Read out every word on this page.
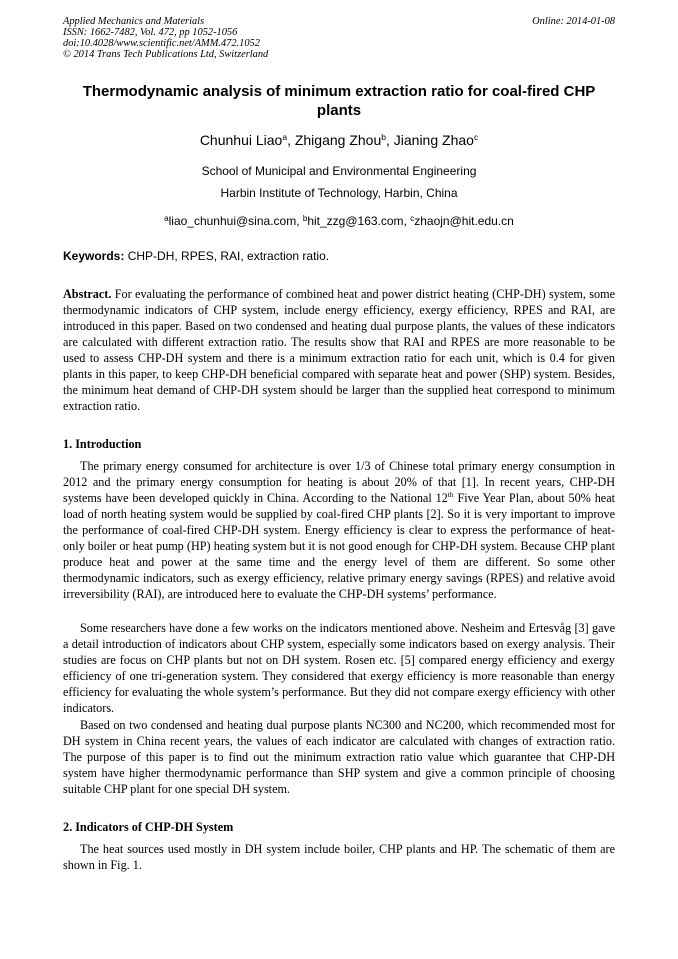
Applied Mechanics and Materials
ISSN: 1662-7482, Vol. 472, pp 1052-1056
doi:10.4028/www.scientific.net/AMM.472.1052
© 2014 Trans Tech Publications Ltd, Switzerland
Online: 2014-01-08
Thermodynamic analysis of minimum extraction ratio for coal-fired CHP plants
Chunhui Liao$^a$, Zhigang Zhou$^b$, Jianing Zhao$^c$
School of Municipal and Environmental Engineering
Harbin Institute of Technology, Harbin, China
$^a$liao_chunhui@sina.com, $^b$hit_zzg@163.com, $^c$zhaojn@hit.edu.cn
Keywords: CHP-DH, RPES, RAI, extraction ratio.
Abstract. For evaluating the performance of combined heat and power district heating (CHP-DH) system, some thermodynamic indicators of CHP system, include energy efficiency, exergy efficiency, RPES and RAI, are introduced in this paper. Based on two condensed and heating dual purpose plants, the values of these indicators are calculated with different extraction ratio. The results show that RAI and RPES are more reasonable to be used to assess CHP-DH system and there is a minimum extraction ratio for each unit, which is 0.4 for given plants in this paper, to keep CHP-DH beneficial compared with separate heat and power (SHP) system. Besides, the minimum heat demand of CHP-DH system should be larger than the supplied heat correspond to minimum extraction ratio.
1. Introduction
The primary energy consumed for architecture is over 1/3 of Chinese total primary energy consumption in 2012 and the primary energy consumption for heating is about 20% of that [1]. In recent years, CHP-DH systems have been developed quickly in China. According to the National 12th Five Year Plan, about 50% heat load of north heating system would be supplied by coal-fired CHP plants [2]. So it is very important to improve the performance of coal-fired CHP-DH system. Energy efficiency is clear to express the performance of heat-only boiler or heat pump (HP) heating system but it is not good enough for CHP-DH system. Because CHP plant produce heat and power at the same time and the energy level of them are different. So some other thermodynamic indicators, such as exergy efficiency, relative primary energy savings (RPES) and relative avoid irreversibility (RAI), are introduced here to evaluate the CHP-DH systems’ performance.
Some researchers have done a few works on the indicators mentioned above. Nesheim and Ertesvåg [3] gave a detail introduction of indicators about CHP system, especially some indicators based on exergy analysis. Their studies are focus on CHP plants but not on DH system. Rosen etc. [5] compared energy efficiency and exergy efficiency of one tri-generation system. They considered that exergy efficiency is more reasonable than energy efficiency for evaluating the whole system’s performance. But they did not compare exergy efficiency with other indicators.
Based on two condensed and heating dual purpose plants NC300 and NC200, which recommended most for DH system in China recent years, the values of each indicator are calculated with changes of extraction ratio. The purpose of this paper is to find out the minimum extraction ratio value which guarantee that CHP-DH system have higher thermodynamic performance than SHP system and give a common principle of choosing suitable CHP plant for one special DH system.
2. Indicators of CHP-DH System
The heat sources used mostly in DH system include boiler, CHP plants and HP. The schematic of them are shown in Fig. 1.
